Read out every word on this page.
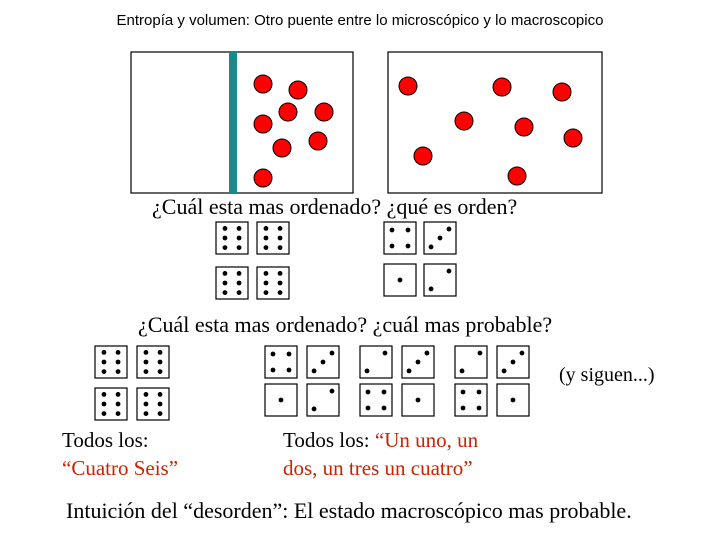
Entropía y volumen: Otro puente entre lo microscópico y lo macroscopico
¿Cuál esta mas ordenado? ¿qué es orden?
¿Cuál esta mas ordenado? ¿cuál mas probable?
(y siguen...)
Todos los:
“Cuatro Seis”
Todos los: “Un uno, un
dos, un tres un cuatro”
Intuición del “desorden”: El estado macroscópico mas probable.
